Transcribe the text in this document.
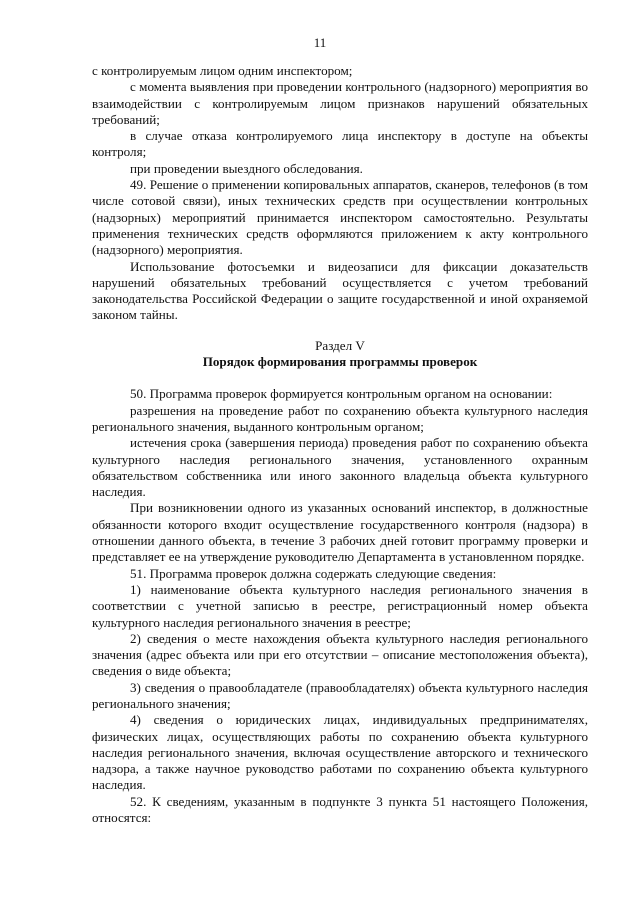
11

с контролируемым лицом одним инспектором;

с момента выявления при проведении контрольного (надзорного) мероприятия во взаимодействии с контролируемым лицом признаков нарушений обязательных требований;

в случае отказа контролируемого лица инспектору в доступе на объекты контроля;

при проведении выездного обследования.

49. Решение о применении копировальных аппаратов, сканеров, телефонов (в том числе сотовой связи), иных технических средств при осуществлении контрольных (надзорных) мероприятий принимается инспектором самостоятельно. Результаты применения технических средств оформляются приложением к акту контрольного (надзорного) мероприятия.

Использование фотосъемки и видеозаписи для фиксации доказательств нарушений обязательных требований осуществляется с учетом требований законодательства Российской Федерации о защите государственной и иной охраняемой законом тайны.

Раздел V
Порядок формирования программы проверок

50. Программа проверок формируется контрольным органом на основании:

разрешения на проведение работ по сохранению объекта культурного наследия регионального значения, выданного контрольным органом;

истечения срока (завершения периода) проведения работ по сохранению объекта культурного наследия регионального значения, установленного охранным обязательством собственника или иного законного владельца объекта культурного наследия.

При возникновении одного из указанных оснований инспектор, в должностные обязанности которого входит осуществление государственного контроля (надзора) в отношении данного объекта, в течение 3 рабочих дней готовит программу проверки и представляет ее на утверждение руководителю Департамента в установленном порядке.

51. Программа проверок должна содержать следующие сведения:

1) наименование объекта культурного наследия регионального значения в соответствии с учетной записью в реестре, регистрационный номер объекта культурного наследия регионального значения в реестре;

2) сведения о месте нахождения объекта культурного наследия регионального значения (адрес объекта или при его отсутствии – описание местоположения объекта), сведения о виде объекта;

3) сведения о правообладателе (правообладателях) объекта культурного наследия регионального значения;

4) сведения о юридических лицах, индивидуальных предпринимателях, физических лицах, осуществляющих работы по сохранению объекта культурного наследия регионального значения, включая осуществление авторского и технического надзора, а также научное руководство работами по сохранению объекта культурного наследия.

52. К сведениям, указанным в подпункте 3 пункта 51 настоящего Положения, относятся:
